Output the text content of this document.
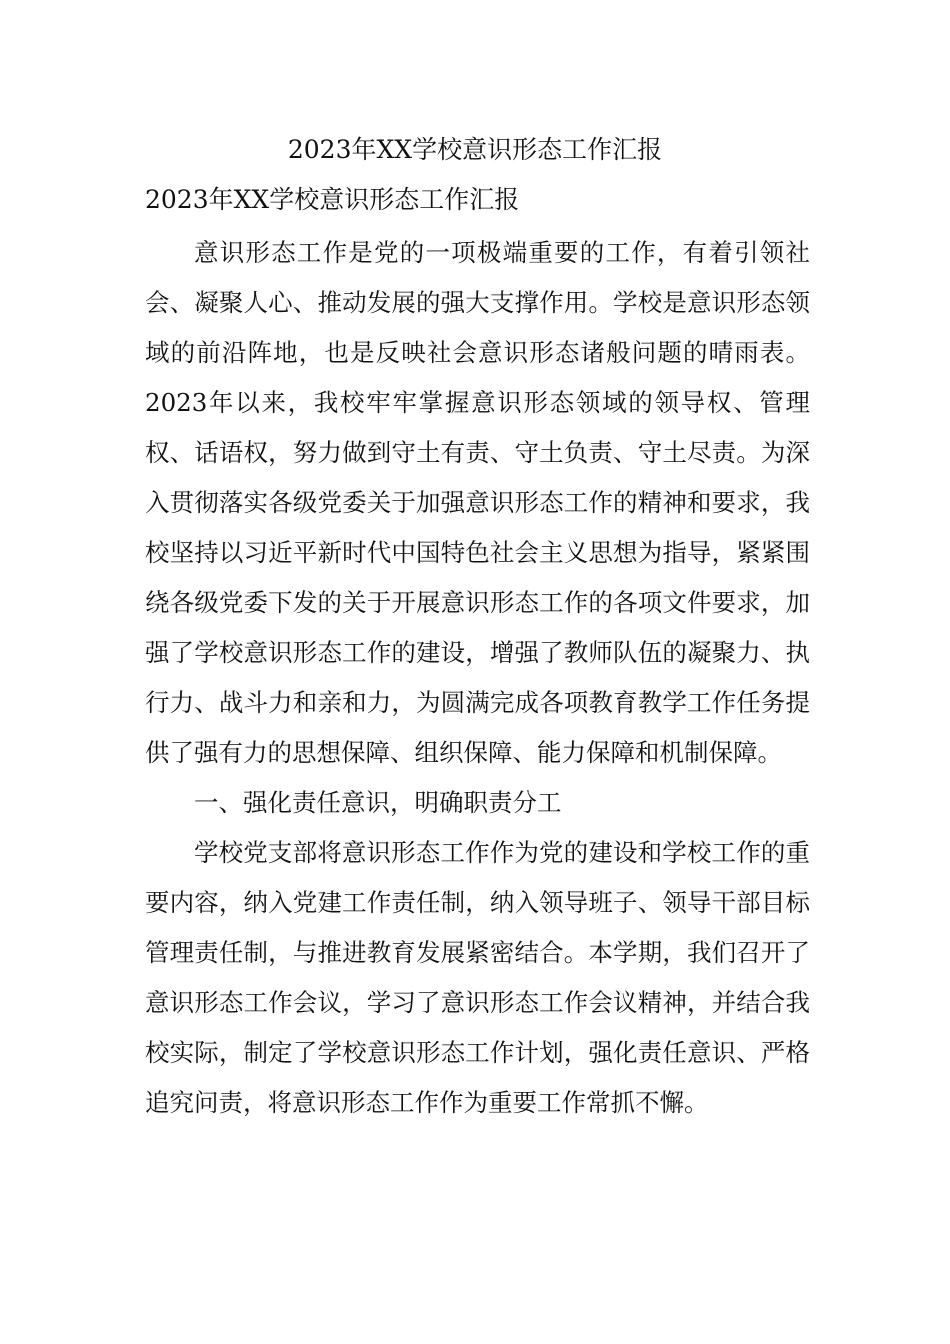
2023年XX学校意识形态工作汇报
2023年XX学校意识形态工作汇报

意识形态工作是党的一项极端重要的工作，有着引领社会、凝聚人心、推动发展的强大支撑作用。学校是意识形态领域的前沿阵地，也是反映社会意识形态诸般问题的晴雨表。2023年以来，我校牢牢掌握意识形态领域的领导权、管理权、话语权，努力做到守土有责、守土负责、守土尽责。为深入贯彻落实各级党委关于加强意识形态工作的精神和要求，我校坚持以习近平新时代中国特色社会主义思想为指导，紧紧围绕各级党委下发的关于开展意识形态工作的各项文件要求，加强了学校意识形态工作的建设，增强了教师队伍的凝聚力、执行力、战斗力和亲和力，为圆满完成各项教育教学工作任务提供了强有力的思想保障、组织保障、能力保障和机制保障。

一、强化责任意识，明确职责分工

学校党支部将意识形态工作作为党的建设和学校工作的重要内容，纳入党建工作责任制，纳入领导班子、领导干部目标管理责任制，与推进教育发展紧密结合。本学期，我们召开了意识形态工作会议，学习了意识形态工作会议精神，并结合我校实际，制定了学校意识形态工作计划，强化责任意识、严格追究问责，将意识形态工作作为重要工作常抓不懈。
